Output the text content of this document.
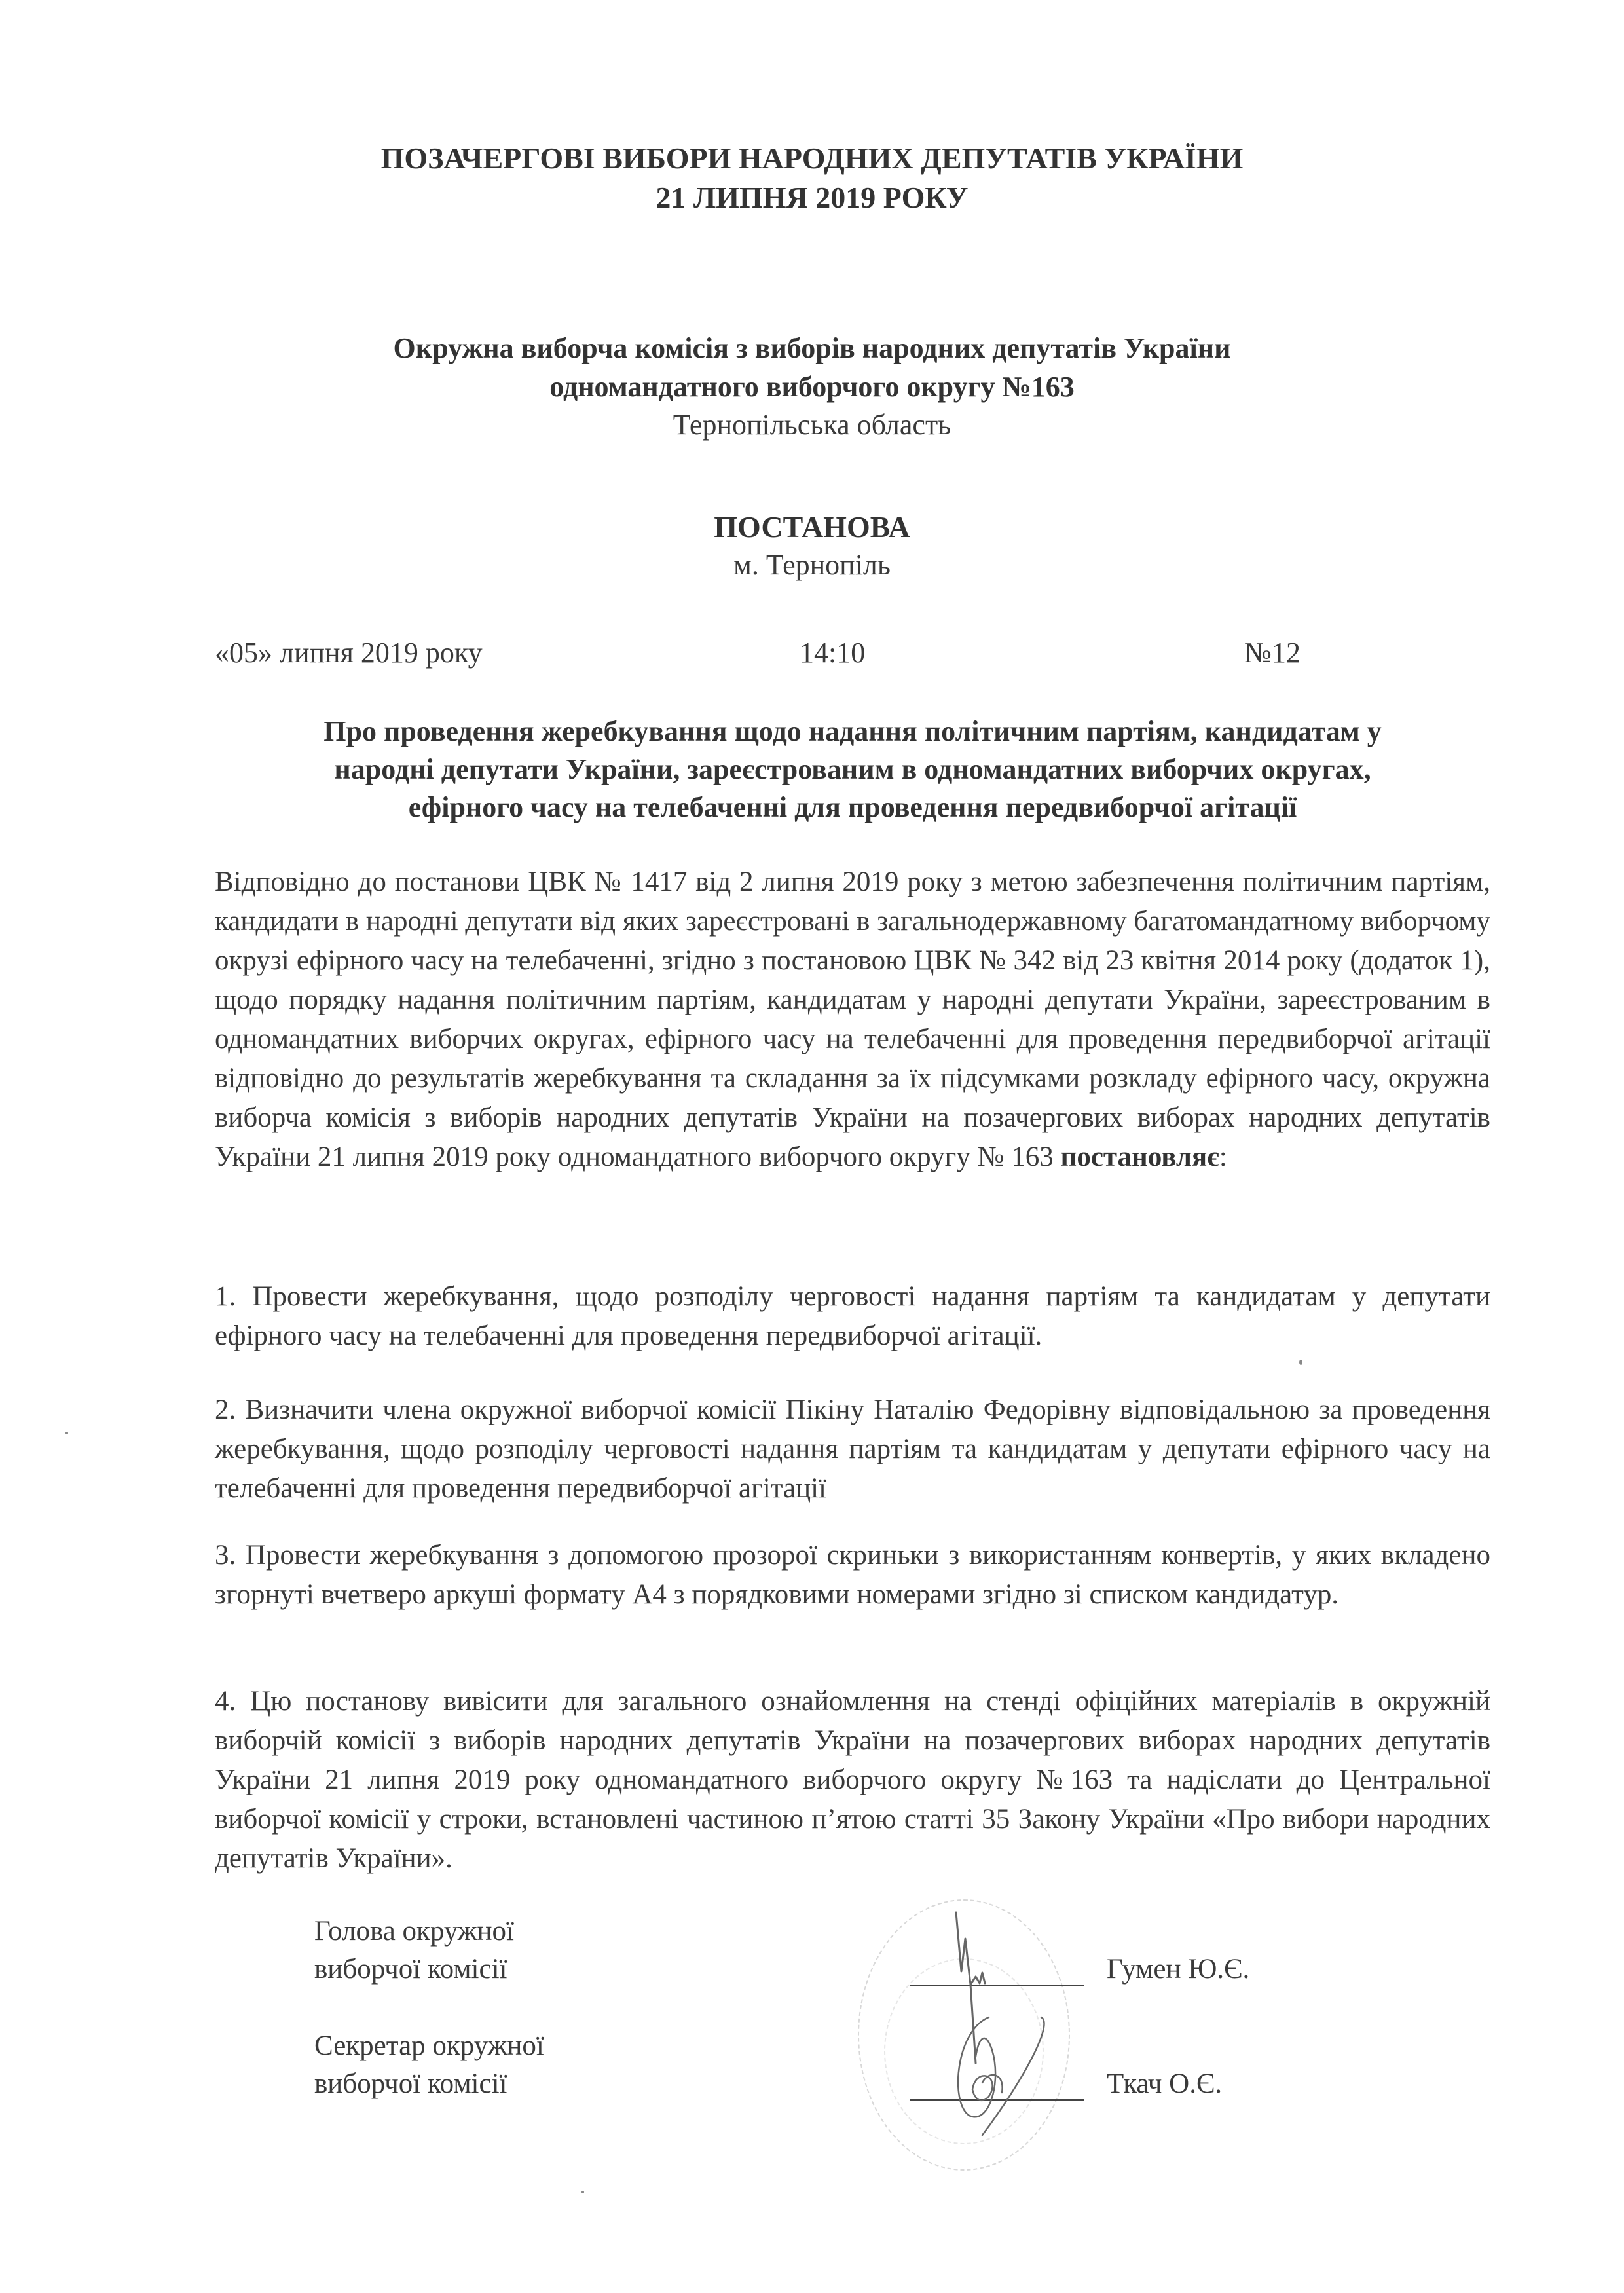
ПОЗАЧЕРГОВІ ВИБОРИ НАРОДНИХ ДЕПУТАТІВ УКРАЇНИ
21 ЛИПНЯ 2019 РОКУ
Окружна виборча комісія з виборів народних депутатів України
одномандатного виборчого округу №163
Тернопільська область
ПОСТАНОВА
м. Тернопіль
«05» липня 2019 року	14:10	№12
Про проведення жеребкування щодо надання політичним партіям, кандидатам у
народні депутати України, зареєстрованим в одномандатних виборчих округах,
ефірного часу на телебаченні для проведення передвиборчої агітації
Відповідно до постанови ЦВК № 1417 від 2 липня 2019 року з метою забезпечення політичним партіям, кандидати в народні депутати від яких зареєстровані в загальнодержавному багатомандатному виборчому окрузі ефірного часу на телебаченні, згідно з постановою ЦВК № 342 від 23 квітня 2014 року (додаток 1), щодо порядку надання політичним партіям, кандидатам у народні депутати України, зареєстрованим в одномандатних виборчих округах, ефірного часу на телебаченні для проведення передвиборчої агітації відповідно до результатів жеребкування та складання за їх підсумками розкладу ефірного часу, окружна виборча комісія з виборів народних депутатів України на позачергових виборах народних депутатів України 21 липня 2019 року одномандатного виборчого округу № 163 постановляє:
1. Провести жеребкування, щодо розподілу черговості надання партіям та кандидатам у депутати ефірного часу на телебаченні для проведення передвиборчої агітації.
2. Визначити члена окружної виборчої комісії Пікіну Наталію Федорівну відповідальною за проведення жеребкування, щодо розподілу черговості надання партіям та кандидатам у депутати ефірного часу на телебаченні для проведення передвиборчої агітації
3. Провести жеребкування з допомогою прозорої скриньки з використанням конвертів, у яких вкладено згорнуті вчетверо аркуші формату А4 з порядковими номерами згідно зі списком кандидатур.
4. Цю постанову вивісити для загального ознайомлення на стенді офіційних матеріалів в окружній виборчій комісії з виборів народних депутатів України на позачергових виборах народних депутатів України 21 липня 2019 року одномандатного виборчого округу №163 та надіслати до Центральної виборчої комісії у строки, встановлені частиною п’ятою статті 35 Закону України «Про вибори народних депутатів України».
Голова окружної
виборчої комісії	Гумен Ю.Є.
Секретар окружної
виборчої комісії	Ткач О.Є.
